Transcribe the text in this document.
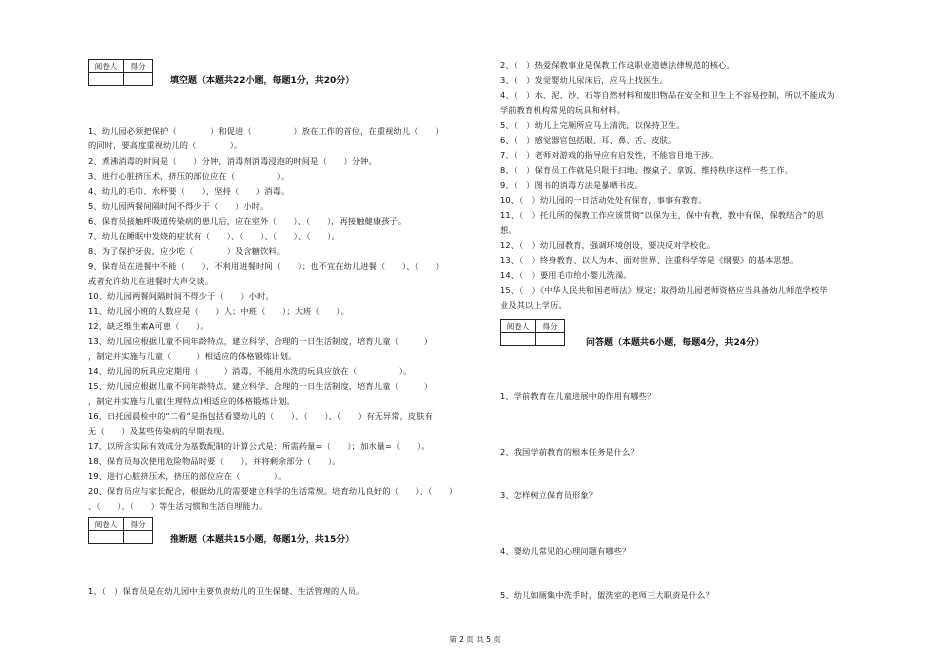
阅卷人	得分

填空题（本题共22小题，每题1分，共20分）
1、幼儿园必须把保护（　　　　）和促进（　　　　　）放在工作的首位，在重视幼儿（　　）
的同时，要高度重视幼儿的（　　　　）。
2、煮沸消毒的时间是（　　）分钟，消毒剂消毒浸泡的时间是（　　）分钟。
3、进行心脏挤压术，挤压的部位应在（　　　　　）。
4、幼儿的毛巾、水杯要（　　），坚持（　　）消毒。
5、幼儿园两餐间隔时间不得少于（　　）小时。
6、保育员接触呼吸道传染病的患儿后，应在室外（　　）、（　　），再接触健康孩子。
7、幼儿在睡眠中发烧的症状有（　　）、（　　）、（　　）、（　　）。
8、为了保护牙齿，应少吃（　　　　）及含糖饮料。
9、保育员在进餐中不能（　　），不利用进餐时间（　　）；也不宜在幼儿进餐（　　）、（　　）
或者允许幼儿在进餐时大声交谈。
10、幼儿园两餐间隔时间不得少于（　　）小时。
11、幼儿园小班的人数应是（　　）人；中班（　　）；大班（　　）。
12、缺乏维生素A可患（　　）。
13、幼儿园应根据儿童不同年龄特点，建立科学、合理的一日生活制度，培育儿童（　　　）
，制定并实施与儿童（　　　）相适应的体格锻炼计划。
14、幼儿园的玩具应定期用（　　　）消毒，不能用水洗的玩具应放在（　　　　　）。
15、幼儿园应根据儿童不同年龄特点，建立科学、合理的一日生活制度，培育儿童（　　　）
，制定并实施与儿童(生理特点)相适应的体格锻炼计划。
16、日托园晨检中的“二看”是指包括看婴幼儿的（　　）、（　　）、（　　）有无异常，皮肤有
无（　　）及某些传染病的早期表现。
17、以所含实际有效成分为基数配制的计算公式是：所需药量=（　　）；加水量=（　　）。
18、保育员每次使用危险物品时要（　　），并将剩余部分（　　）。
19、进行心脏挤压术，挤压的部位应在（　　　　）。
20、保育员应与家长配合，根据幼儿的需要建立科学的生活常规。培育幼儿良好的（　　）、（　　）
、（　　）、（　　）等生活习惯和生活自理能力。
阅卷人	得分

推断题（本题共15小题，每题1分，共15分）
1、（　）保育员是在幼儿园中主要负责幼儿的卫生保健、生活管理的人员。
2、（　）热爱保教事业是保教工作这职业道德法律规范的核心。
3、（　）发觉婴幼儿尿床后，应马上找医生。
4、（　）水、泥、沙、石等自然材料和废旧物品在安全和卫生上不容易控制，所以不能成为
学前教育机构常见的玩具和材料。
5、（　）幼儿上完厕所应马上清洗，以保持卫生。
6、（　）感觉器官包括眼、耳、鼻、舌、皮肤。
7、（　）老师对游戏的指导应有启发性，不能盲目地干涉。
8、（　）保育员工作就是只限于扫地、擦桌子、拿饭、维持秩序这样一些工作。
9、（　）图书的消毒方法是暴晒书皮。
10、（　）幼儿园的一日活动处处有保育，事事有教育。
11、（　）托儿所的保教工作应该贯彻“以保为主，保中有教，教中有保，保教结合”的思
想。
12、（　）幼儿园教育，强调环境创设，要决反对学校化。
13、（　）终身教育、以人为本、面对世界、注重科学等是《纲要》的基本思想。
14、（　）要用毛巾给小婴儿洗澡。
15、（　）《中华人民共和国老师法》规定：取得幼儿园老师资格应当具备幼儿师范学校毕
业及其以上学历。
阅卷人	得分

问答题（本题共6小题，每题4分，共24分）
1、学前教育在儿童进展中的作用有哪些？
2、我国学前教育的根本任务是什么？
3、怎样树立保育员形象？
4、婴幼儿常见的心理问题有哪些？
5、幼儿如厕集中洗手时，盥洗室的老师三大职责是什么？
第 2 页 共 5 页
